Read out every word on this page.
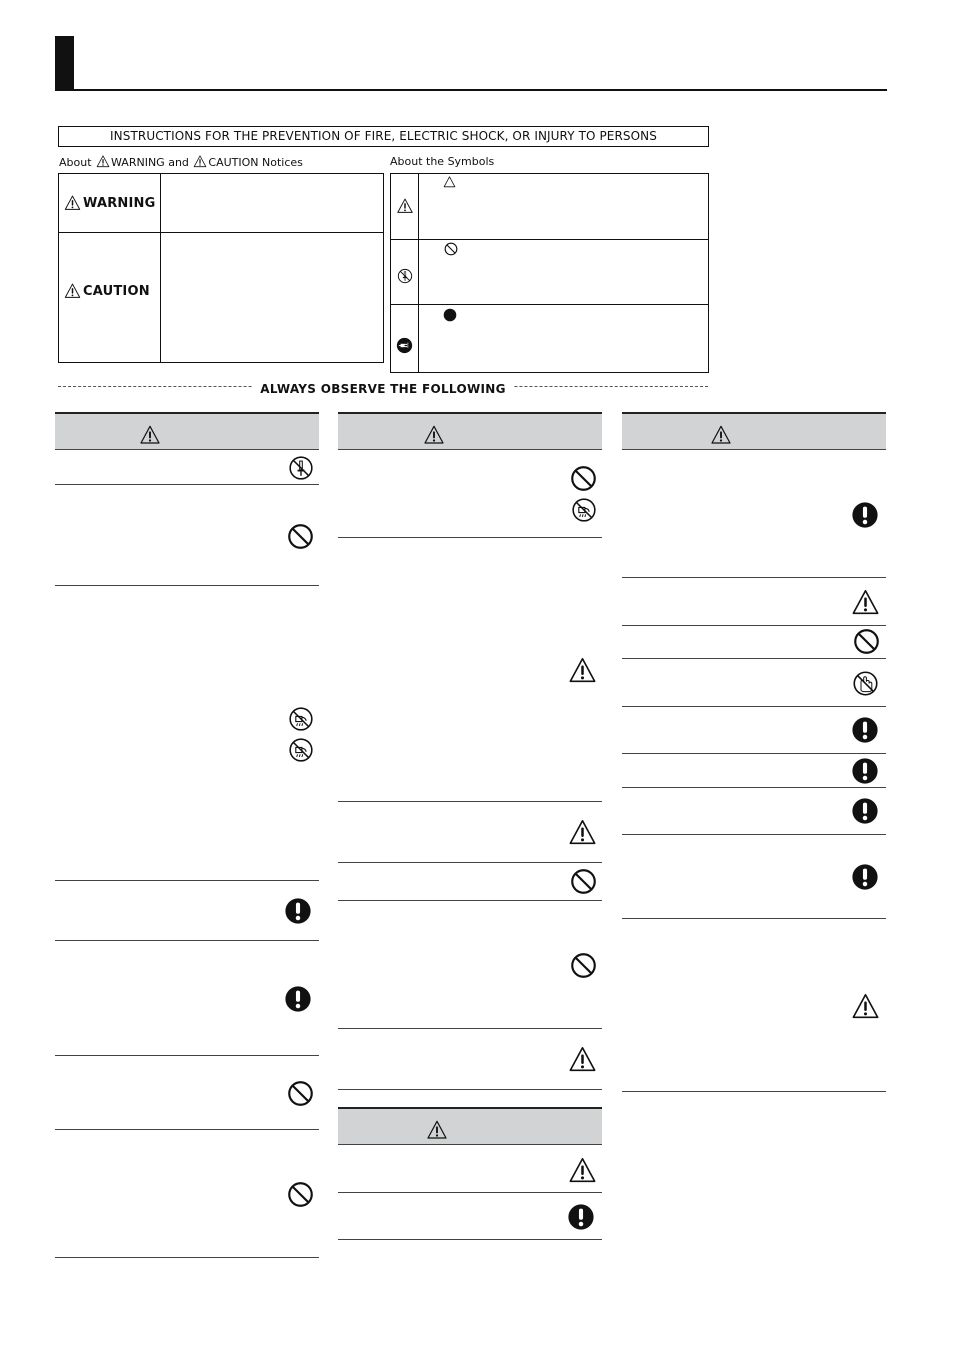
INSTRUCTIONS FOR THE PREVENTION OF FIRE, ELECTRIC SHOCK, OR INJURY TO PERSONS
About WARNING and CAUTION Notices
WARNING
CAUTION
About the Symbols
ALWAYS OBSERVE THE FOLLOWING
